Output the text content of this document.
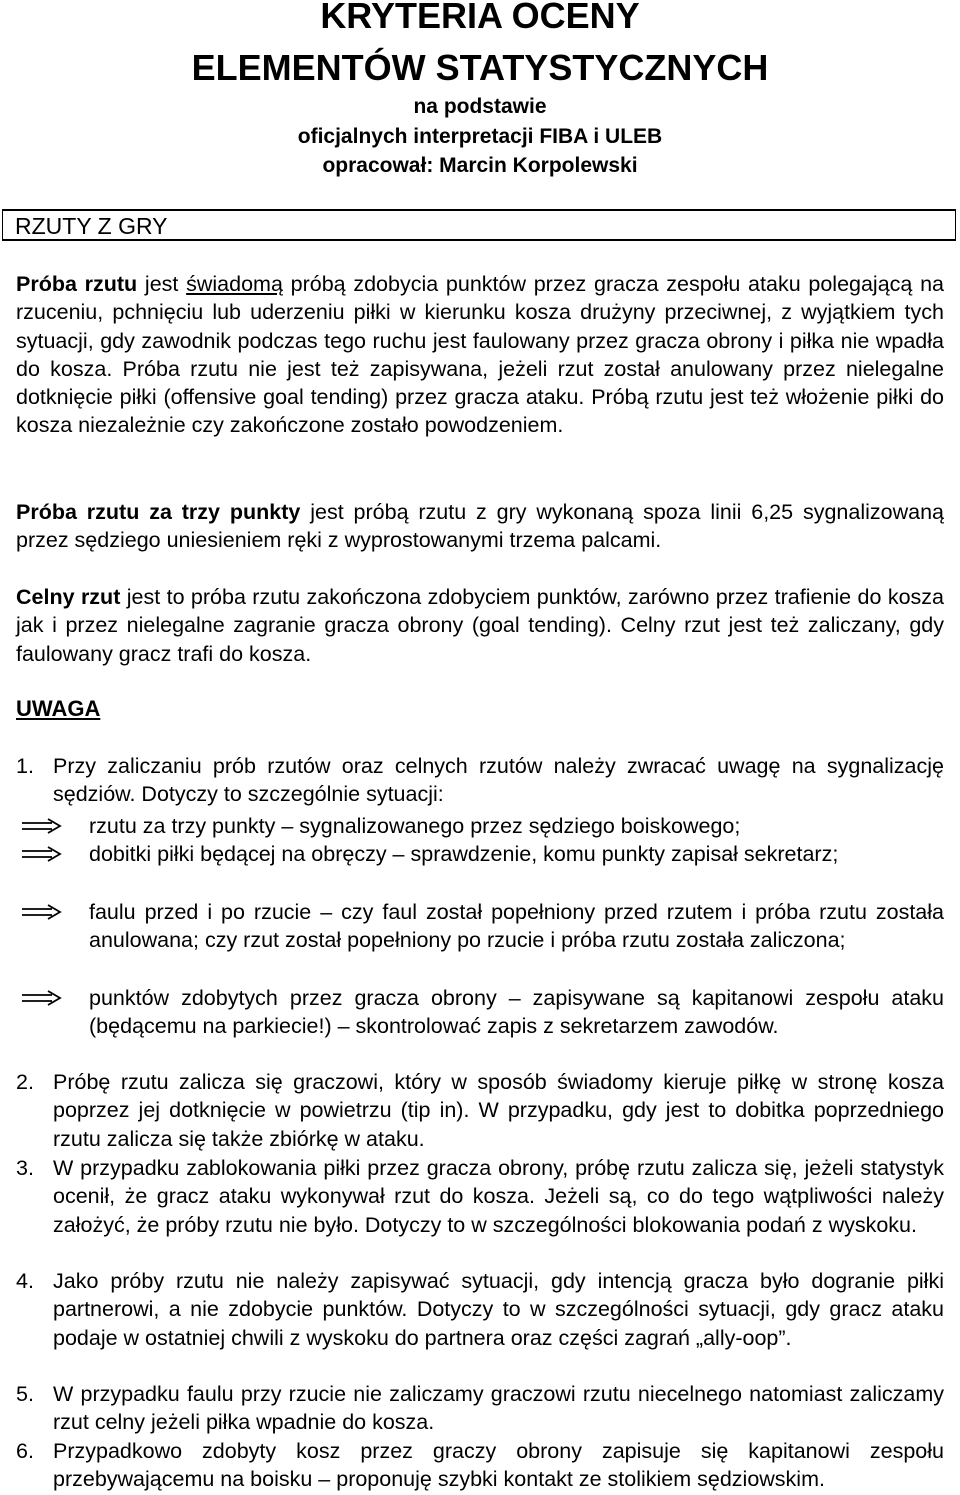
KRYTERIA OCENY
ELEMENTÓW STATYSTYCZNYCH
na podstawie
oficjalnych interpretacji FIBA i ULEB
opracował: Marcin Korpolewski
RZUTY Z GRY

Próba rzutu jest świadomą próbą zdobycia punktów przez gracza zespołu ataku polegającą na rzuceniu, pchnięciu lub uderzeniu piłki w kierunku kosza drużyny przeciwnej, z wyjątkiem tych sytuacji, gdy zawodnik podczas tego ruchu jest faulowany przez gracza obrony i piłka nie wpadła do kosza. Próba rzutu nie jest też zapisywana, jeżeli rzut został anulowany przez nielegalne dotknięcie piłki (offensive goal tending) przez gracza ataku. Próbą rzutu jest też włożenie piłki do kosza niezależnie czy zakończone zostało powodzeniem.

Próba rzutu za trzy punkty jest próbą rzutu z gry wykonaną spoza linii 6,25 sygnalizowaną przez sędziego uniesieniem ręki z wyprostowanymi trzema palcami.

Celny rzut jest to próba rzutu zakończona zdobyciem punktów, zarówno przez trafienie do kosza jak i przez nielegalne zagranie gracza obrony (goal tending). Celny rzut jest też zaliczany, gdy faulowany gracz trafi do kosza.

UWAGA
1. Przy zaliczaniu prób rzutów oraz celnych rzutów należy zwracać uwagę na sygnalizację sędziów. Dotyczy to szczególnie sytuacji:
rzutu za trzy punkty – sygnalizowanego przez sędziego boiskowego;
dobitki piłki będącej na obręczy – sprawdzenie, komu punkty zapisał sekretarz;
faulu przed i po rzucie – czy faul został popełniony przed rzutem i próba rzutu została anulowana; czy rzut został popełniony po rzucie i próba rzutu została zaliczona;
punktów zdobytych przez gracza obrony – zapisywane są kapitanowi zespołu ataku (będącemu na parkiecie!) – skontrolować zapis z sekretarzem zawodów.
2. Próbę rzutu zalicza się graczowi, który w sposób świadomy kieruje piłkę w stronę kosza poprzez jej dotknięcie w powietrzu (tip in). W przypadku, gdy jest to dobitka poprzedniego rzutu zalicza się także zbiórkę w ataku.
3. W przypadku zablokowania piłki przez gracza obrony, próbę rzutu zalicza się, jeżeli statystyk ocenił, że gracz ataku wykonywał rzut do kosza. Jeżeli są, co do tego wątpliwości należy założyć, że próby rzutu nie było. Dotyczy to w szczególności blokowania podań z wyskoku.
4. Jako próby rzutu nie należy zapisywać sytuacji, gdy intencją gracza było dogranie piłki partnerowi, a nie zdobycie punktów. Dotyczy to w szczególności sytuacji, gdy gracz ataku podaje w ostatniej chwili z wyskoku do partnera oraz części zagrań „ally-oop”.
5. W przypadku faulu przy rzucie nie zaliczamy graczowi rzutu niecelnego natomiast zaliczamy rzut celny jeżeli piłka wpadnie do kosza.
6. Przypadkowo zdobyty kosz przez graczy obrony zapisuje się kapitanowi zespołu przebywającemu na boisku – proponuję szybki kontakt ze stolikiem sędziowskim.
